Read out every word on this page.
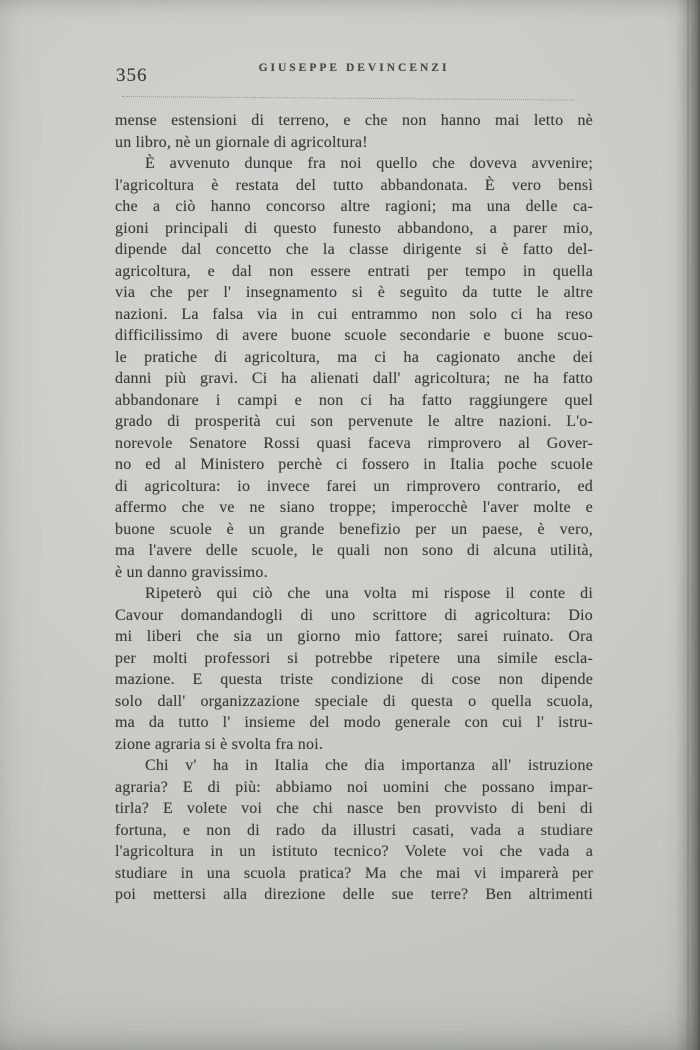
356	GIUSEPPE DEVINCENZI
mense estensioni di terreno, e che non hanno mai letto nè
un libro, nè un giornale di agricoltura!
È avvenuto dunque fra noi quello che doveva avvenire;
l'agricoltura è restata del tutto abbandonata. È vero bensì
che a ciò hanno concorso altre ragioni; ma una delle ca-
gioni principali di questo funesto abbandono, a parer mio,
dipende dal concetto che la classe dirigente si è fatto del-
agricoltura, e dal non essere entrati per tempo in quella
via che per l' insegnamento si è seguìto da tutte le altre
nazioni. La falsa via in cui entrammo non solo ci ha reso
difficilissimo di avere buone scuole secondarie e buone scuo-
le pratiche di agricoltura, ma ci ha cagionato anche dei
danni più gravi. Ci ha alienati dall' agricoltura; ne ha fatto
abbandonare i campi e non ci ha fatto raggiungere quel
grado di prosperità cui son pervenute le altre nazioni. L'o-
norevole Senatore Rossi quasi faceva rimprovero al Gover-
no ed al Ministero perchè ci fossero in Italia poche scuole
di agricoltura: io invece farei un rimprovero contrario, ed
affermo che ve ne siano troppe; imperocchè l'aver molte e
buone scuole è un grande benefizio per un paese, è vero,
ma l'avere delle scuole, le quali non sono di alcuna utilità,
è un danno gravissimo.
Ripeterò qui ciò che una volta mi rispose il conte di
Cavour domandandogli di uno scrittore di agricoltura: Dio
mi liberi che sia un giorno mio fattore; sarei ruinato. Ora
per molti professori si potrebbe ripetere una simile escla-
mazione. E questa triste condizione di cose non dipende
solo dall' organizzazione speciale di questa o quella scuola,
ma da tutto l' insieme del modo generale con cui l' istru-
zione agraria si è svolta fra noi.
Chi v' ha in Italia che dia importanza all' istruzione
agraria? E di più: abbiamo noi uomini che possano impar-
tirla? E volete voi che chi nasce ben provvisto di beni di
fortuna, e non di rado da illustri casati, vada a studiare
l'agricoltura in un istituto tecnico? Volete voi che vada a
studiare in una scuola pratica? Ma che mai vi imparerà per
poi mettersi alla direzione delle sue terre? Ben altrimenti
